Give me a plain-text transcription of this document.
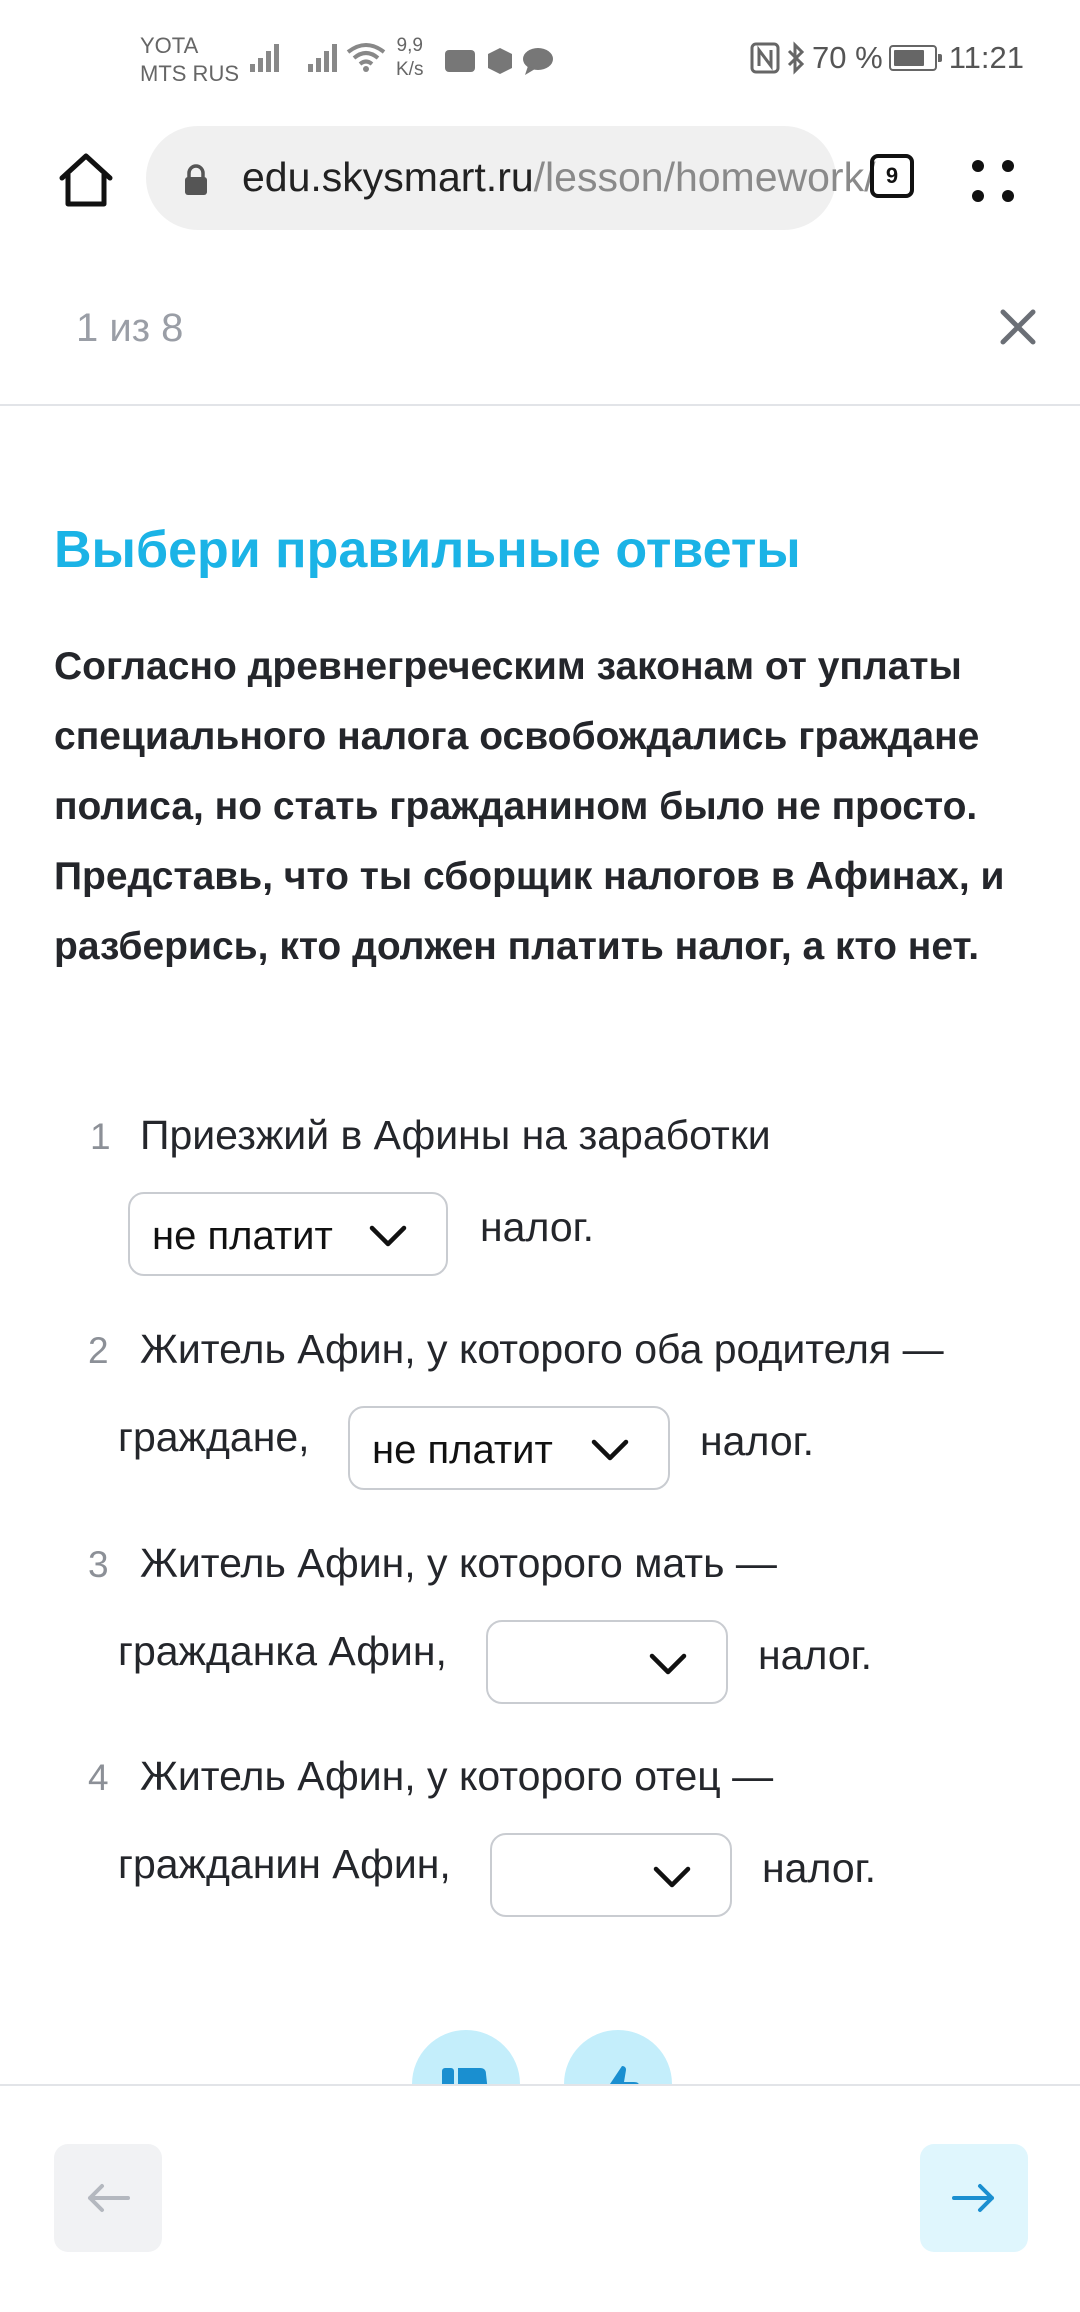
YOTA
MTS RUS
9,9
K/s	70 % 11:21
edu.skysmart.ru/lesson/homework/ 9
1 из 8
Выбери правильные ответы
Согласно древнегреческим законам от уплаты специального налога освобождались граждане полиса, но стать гражданином было не просто. Представь, что ты сборщик налогов в Афинах, и разберись, кто должен платить налог, а кто нет.
1 Приезжий в Афины на заработки
не платит	налог.
2 Житель Афин, у которого оба родителя —
граждане, не платит	налог.
3 Житель Афин, у которого мать —
гражданка Афин,	налог.
4 Житель Афин, у которого отец —
гражданин Афин,	налог.
